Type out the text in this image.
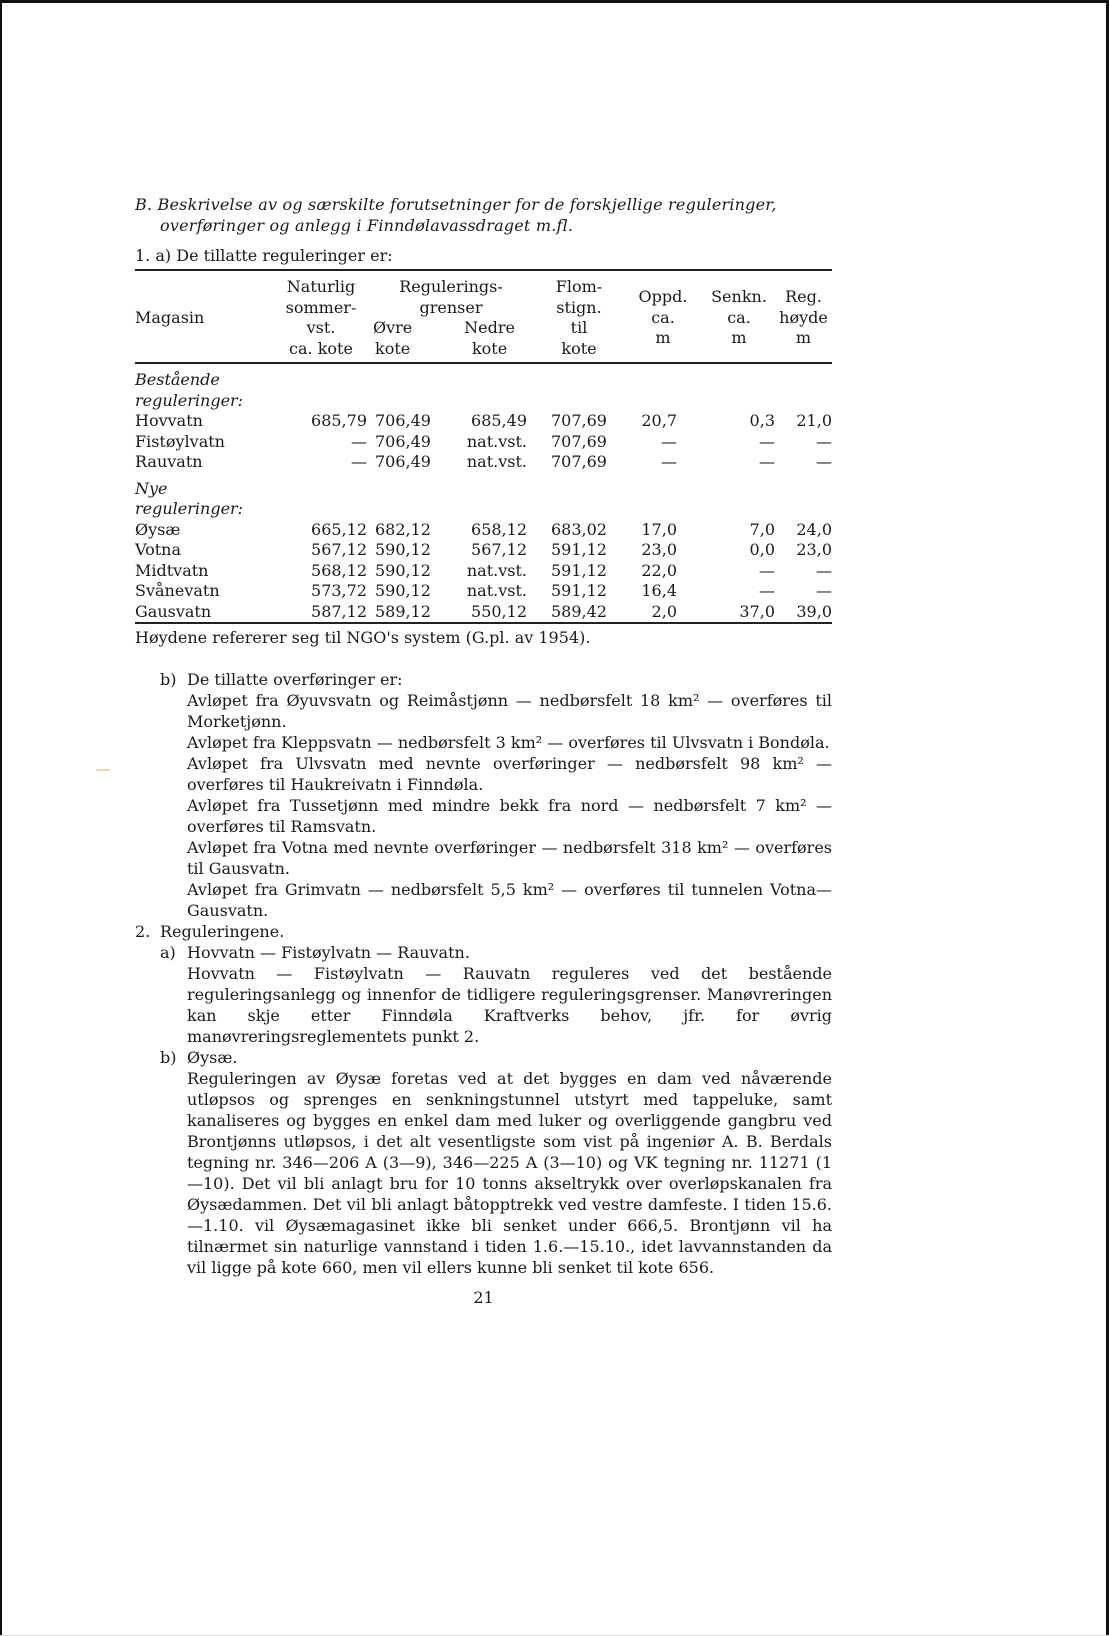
B. Beskrivelse av og særskilte forutsetninger for de forskjellige reguleringer, overføringer og anlegg i Finndølavassdraget m.fl.
1. a) De tillatte reguleringer er:
Magasin	
Naturlig
sommer-
vst.
ca. kote

Regulerings-
grenser
Øvre
kote
Nedre
kote

Flom-
stign.
til
kote

Oppd.
ca.
m

Senkn.
ca.
m

Reg.
høyde
m

Bestående							
reguleringer:							
Hovvatn	685,79	706,49	685,49	707,69	20,7	0,3	21,0
Fistøylvatn	—	706,49	nat.vst.	707,69	—	—	—
Rauvatn	—	706,49	nat.vst.	707,69	—	—	—
Nye							
reguleringer:							
Øysæ	665,12	682,12	658,12	683,02	17,0	7,0	24,0
Votna	567,12	590,12	567,12	591,12	23,0	0,0	23,0
Midtvatn	568,12	590,12	nat.vst.	591,12	22,0	—	—
Svånevatn	573,72	590,12	nat.vst.	591,12	16,4	—	—
Gausvatn	587,12	589,12	550,12	589,42	2,0	37,0	39,0
Høydene refererer seg til NGO's system (G.pl. av 1954).
b) De tillatte overføringer er:
Avløpet fra Øyuvsvatn og Reimåstjønn — nedbørsfelt 18 km² — overføres til Morketjønn.
Avløpet fra Kleppsvatn — nedbørsfelt 3 km² — overføres til Ulvsvatn i Bondøla.
Avløpet fra Ulvsvatn med nevnte overføringer — nedbørsfelt 98 km² — overføres til Haukreivatn i Finndøla.
Avløpet fra Tussetjønn med mindre bekk fra nord — nedbørsfelt 7 km² — overføres til Ramsvatn.
Avløpet fra Votna med nevnte overføringer — nedbørsfelt 318 km² — overføres til Gausvatn.
Avløpet fra Grimvatn — nedbørsfelt 5,5 km² — overføres til tunnelen Votna—Gausvatn.
2. Reguleringene.
a) Hovvatn — Fistøylvatn — Rauvatn.
Hovvatn — Fistøylvatn — Rauvatn reguleres ved det bestående reguleringsanlegg og innenfor de tidligere reguleringsgrenser. Manøvreringen kan skje etter Finndøla Kraftverks behov, jfr. for øvrig manøvreringsreglementets punkt 2.
b) Øysæ.
Reguleringen av Øysæ foretas ved at det bygges en dam ved nåværende utløpsos og sprenges en senkningstunnel utstyrt med tappeluke, samt kanaliseres og bygges en enkel dam med luker og overliggende gangbru ved Brontjønns utløpsos, i det alt vesentligste som vist på ingeniør A. B. Berdals tegning nr. 346—206 A (3—9), 346—225 A (3—10) og VK tegning nr. 11271 (1—10). Det vil bli anlagt bru for 10 tonns akseltrykk over overløpskanalen fra Øysædammen. Det vil bli anlagt båtopptrekk ved vestre damfeste. I tiden 15.6.—1.10. vil Øysæmagasinet ikke bli senket under 666,5. Brontjønn vil ha tilnærmet sin naturlige vannstand i tiden 1.6.—15.10., idet lavvannstanden da vil ligge på kote 660, men vil ellers kunne bli senket til kote 656.
21
